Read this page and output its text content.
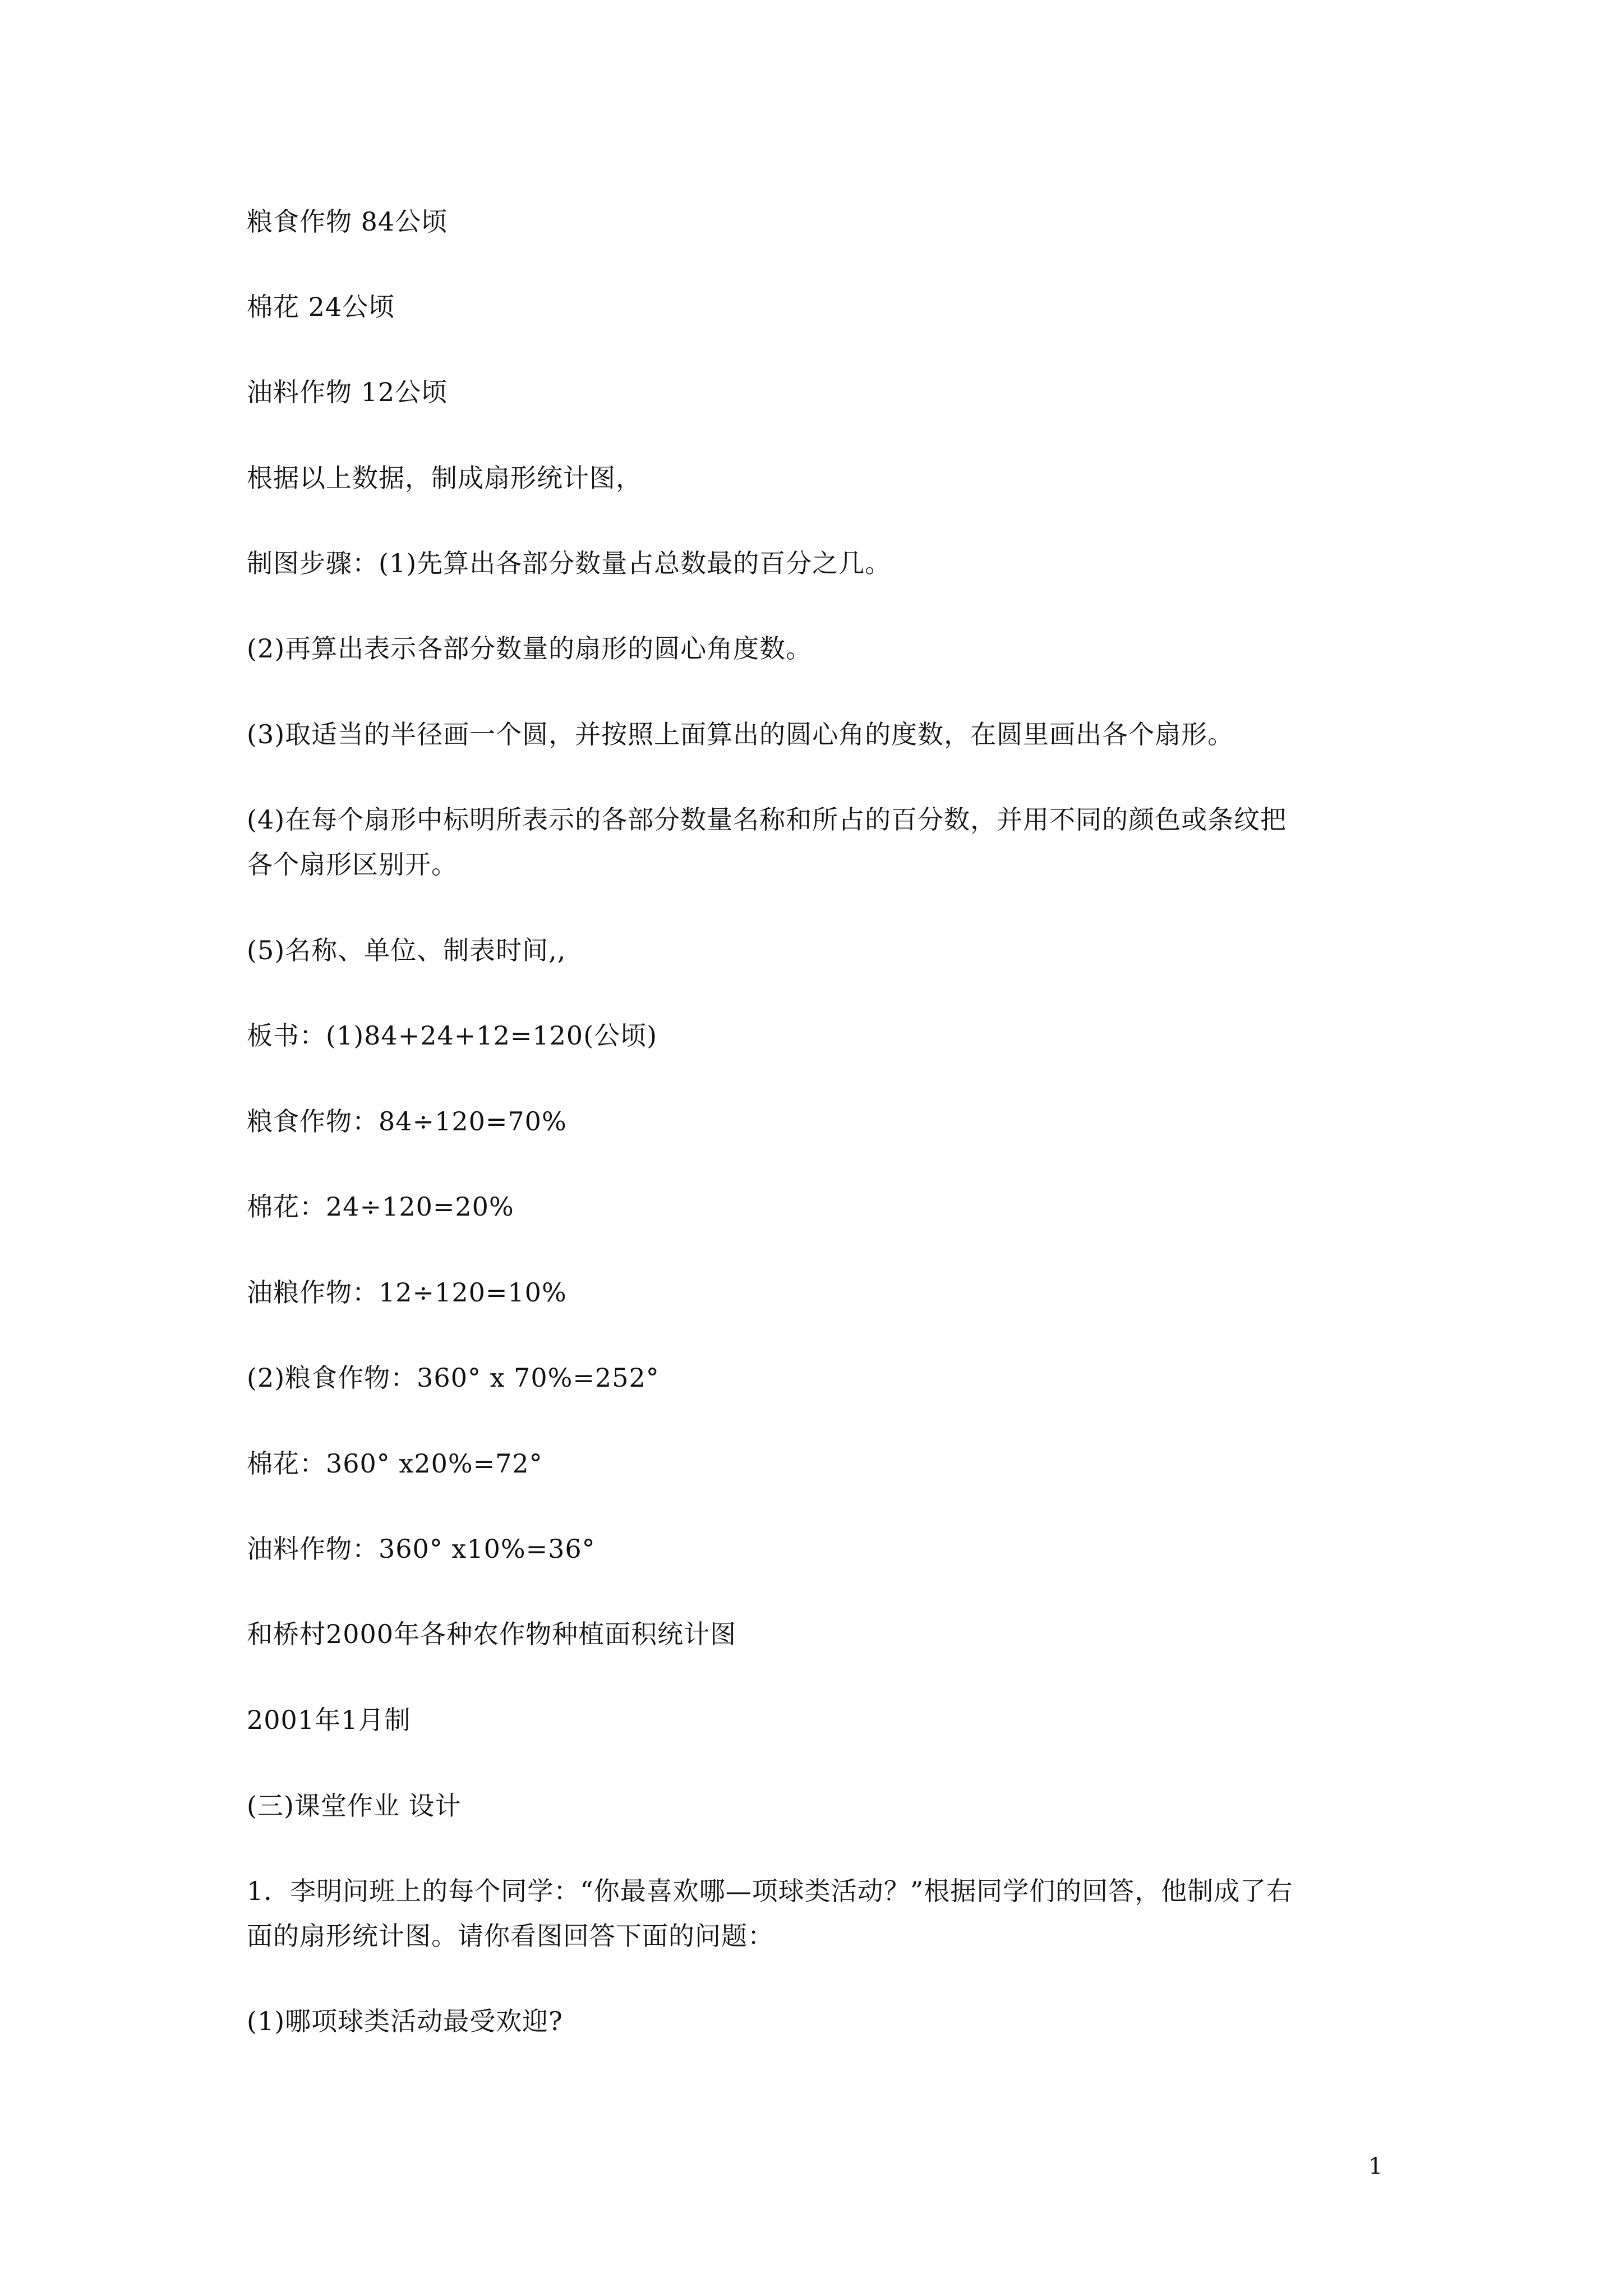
粮食作物 84公顷
棉花 24公顷
油料作物 12公顷
根据以上数据，制成扇形统计图，
制图步骤：(1)先算出各部分数量占总数最的百分之几。
(2)再算出表示各部分数量的扇形的圆心角度数。
(3)取适当的半径画一个圆，并按照上面算出的圆心角的度数，在圆里画出各个扇形。
(4)在每个扇形中标明所表示的各部分数量名称和所占的百分数，并用不同的颜色或条纹把
各个扇形区别开。
(5)名称、单位、制表时间,,
板书：(1)84+24+12=120(公顷)
粮食作物：84÷120=70%
棉花：24÷120=20%
油粮作物：12÷120=10%
(2)粮食作物：360° x 70%=252°
棉花：360° x20%=72°
油料作物：360° x10%=36°
和桥村2000年各种农作物种植面积统计图
2001年1月制
(三)课堂作业 设计
1．李明问班上的每个同学：“你最喜欢哪—项球类活动？”根据同学们的回答，他制成了右
面的扇形统计图。请你看图回答下面的问题：
(1)哪项球类活动最受欢迎?
1
